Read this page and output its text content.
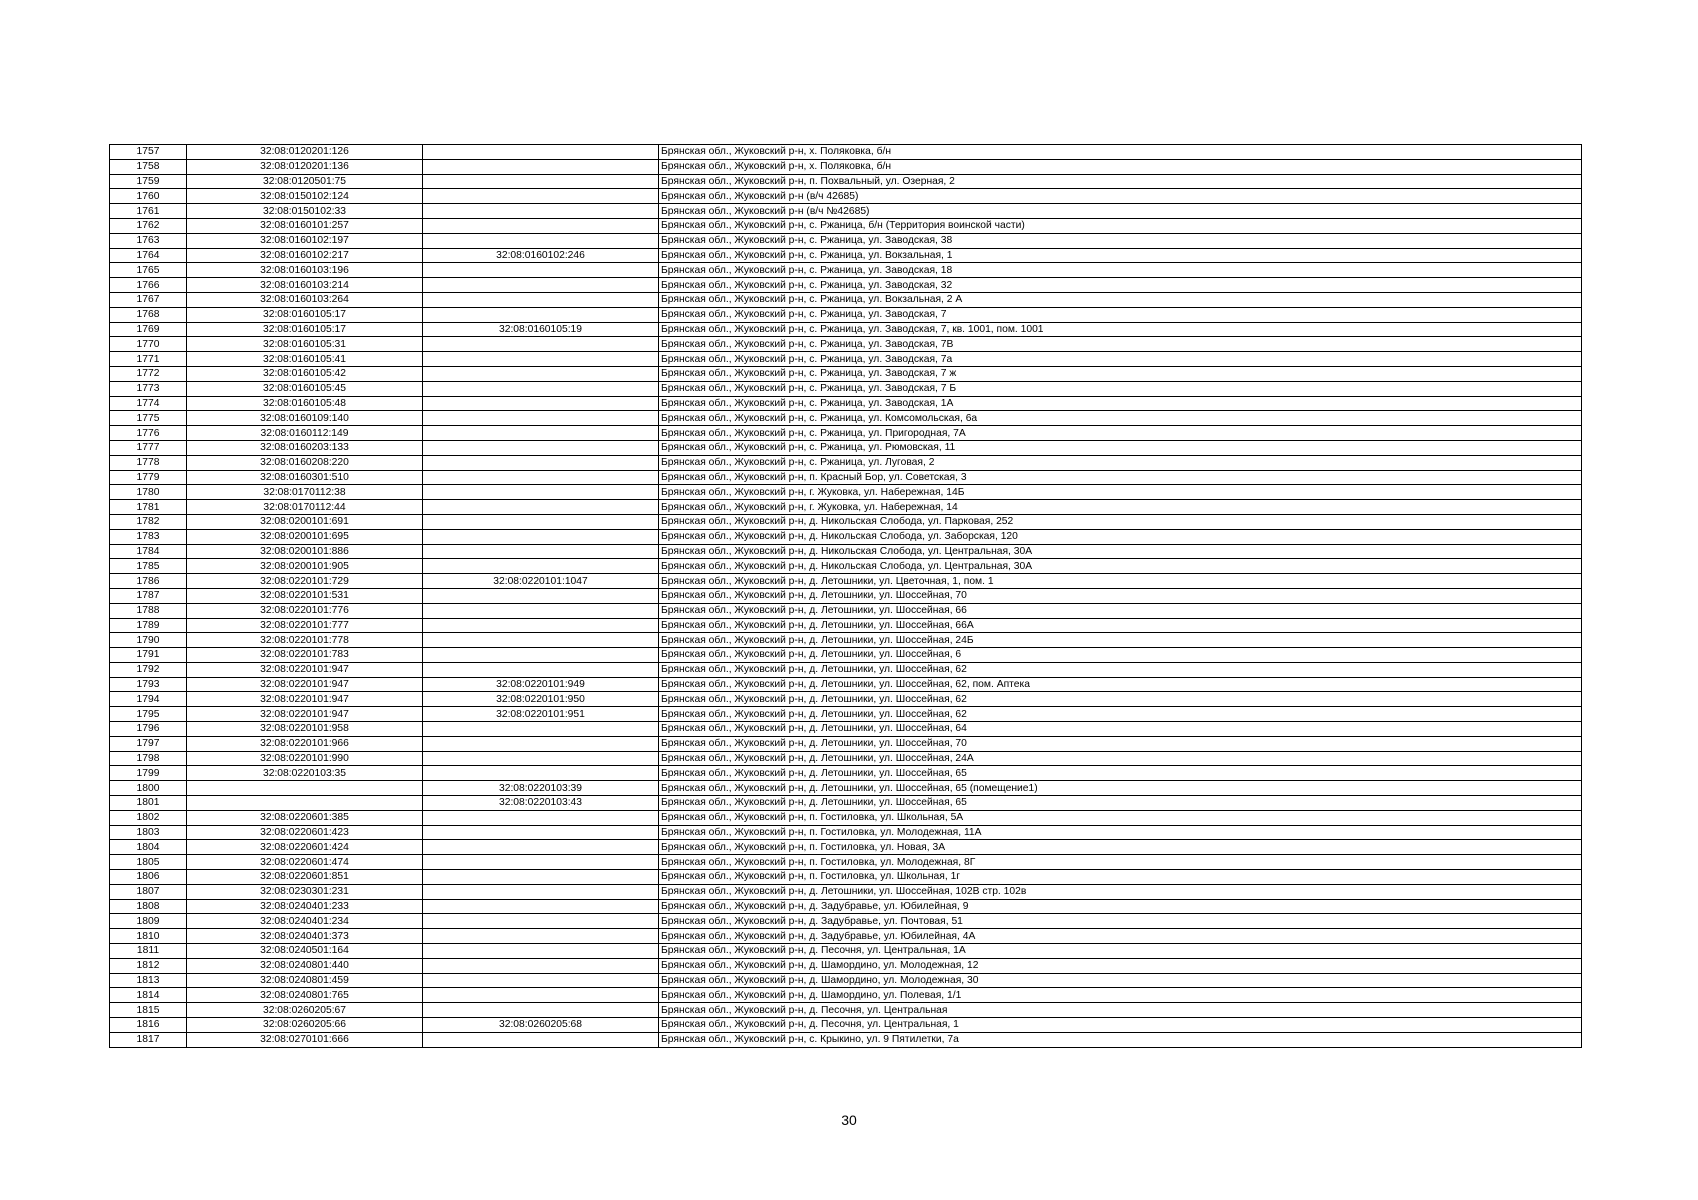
1757	32:08:0120201:126		Брянская обл., Жуковский р-н, х. Поляковка, б/н
1758	32:08:0120201:136		Брянская обл., Жуковский р-н, х. Поляковка, б/н
1759	32:08:0120501:75		Брянская обл., Жуковский р-н, п. Похвальный, ул. Озерная, 2
1760	32:08:0150102:124		Брянская обл., Жуковский р-н (в/ч 42685)
1761	32:08:0150102:33		Брянская обл., Жуковский р-н (в/ч №42685)
1762	32:08:0160101:257		Брянская обл., Жуковский р-н, с. Ржаница, б/н (Территория воинской части)
1763	32:08:0160102:197		Брянская обл., Жуковский р-н, с. Ржаница, ул. Заводская, 38
1764	32:08:0160102:217	32:08:0160102:246	Брянская обл., Жуковский р-н, с. Ржаница, ул. Вокзальная, 1
1765	32:08:0160103:196		Брянская обл., Жуковский р-н, с. Ржаница, ул. Заводская, 18
1766	32:08:0160103:214		Брянская обл., Жуковский р-н, с. Ржаница, ул. Заводская, 32
1767	32:08:0160103:264		Брянская обл., Жуковский р-н, с. Ржаница, ул. Вокзальная, 2 А
1768	32:08:0160105:17		Брянская обл., Жуковский р-н, с. Ржаница, ул. Заводская, 7
1769	32:08:0160105:17	32:08:0160105:19	Брянская обл., Жуковский р-н, с. Ржаница, ул. Заводская, 7, кв. 1001, пом. 1001
1770	32:08:0160105:31		Брянская обл., Жуковский р-н, с. Ржаница, ул. Заводская, 7В
1771	32:08:0160105:41		Брянская обл., Жуковский р-н, с. Ржаница, ул. Заводская, 7а
1772	32:08:0160105:42		Брянская обл., Жуковский р-н, с. Ржаница, ул. Заводская, 7 ж
1773	32:08:0160105:45		Брянская обл., Жуковский р-н, с. Ржаница, ул. Заводская, 7 Б
1774	32:08:0160105:48		Брянская обл., Жуковский р-н, с. Ржаница, ул. Заводская, 1А
1775	32:08:0160109:140		Брянская обл., Жуковский р-н, с. Ржаница, ул. Комсомольская, 6а
1776	32:08:0160112:149		Брянская обл., Жуковский р-н, с. Ржаница, ул. Пригородная, 7А
1777	32:08:0160203:133		Брянская обл., Жуковский р-н, с. Ржаница, ул. Рюмовская, 11
1778	32:08:0160208:220		Брянская обл., Жуковский р-н, с. Ржаница, ул. Луговая, 2
1779	32:08:0160301:510		Брянская обл., Жуковский р-н, п. Красный Бор, ул. Советская, 3
1780	32:08:0170112:38		Брянская обл., Жуковский р-н, г. Жуковка, ул. Набережная, 14Б
1781	32:08:0170112:44		Брянская обл., Жуковский р-н, г. Жуковка, ул. Набережная, 14
1782	32:08:0200101:691		Брянская обл., Жуковский р-н, д. Никольская Слобода, ул. Парковая, 252
1783	32:08:0200101:695		Брянская обл., Жуковский р-н, д. Никольская Слобода, ул. Заборская, 120
1784	32:08:0200101:886		Брянская обл., Жуковский р-н, д. Никольская Слобода, ул. Центральная, 30А
1785	32:08:0200101:905		Брянская обл., Жуковский р-н, д. Никольская Слобода, ул. Центральная, 30А
1786	32:08:0220101:729	32:08:0220101:1047	Брянская обл., Жуковский р-н, д. Летошники, ул. Цветочная, 1, пом. 1
1787	32:08:0220101:531		Брянская обл., Жуковский р-н, д. Летошники, ул. Шоссейная, 70
1788	32:08:0220101:776		Брянская обл., Жуковский р-н, д. Летошники, ул. Шоссейная, 66
1789	32:08:0220101:777		Брянская обл., Жуковский р-н, д. Летошники, ул. Шоссейная, 66А
1790	32:08:0220101:778		Брянская обл., Жуковский р-н, д. Летошники, ул. Шоссейная, 24Б
1791	32:08:0220101:783		Брянская обл., Жуковский р-н, д. Летошники, ул. Шоссейная, 6
1792	32:08:0220101:947		Брянская обл., Жуковский р-н, д. Летошники, ул. Шоссейная, 62
1793	32:08:0220101:947	32:08:0220101:949	Брянская обл., Жуковский р-н, д. Летошники, ул. Шоссейная, 62, пом. Аптека
1794	32:08:0220101:947	32:08:0220101:950	Брянская обл., Жуковский р-н, д. Летошники, ул. Шоссейная, 62
1795	32:08:0220101:947	32:08:0220101:951	Брянская обл., Жуковский р-н, д. Летошники, ул. Шоссейная, 62
1796	32:08:0220101:958		Брянская обл., Жуковский р-н, д. Летошники, ул. Шоссейная, 64
1797	32:08:0220101:966		Брянская обл., Жуковский р-н, д. Летошники, ул. Шоссейная, 70
1798	32:08:0220101:990		Брянская обл., Жуковский р-н, д. Летошники, ул. Шоссейная, 24А
1799	32:08:0220103:35		Брянская обл., Жуковский р-н, д. Летошники, ул. Шоссейная, 65
1800		32:08:0220103:39	Брянская обл., Жуковский р-н, д. Летошники, ул. Шоссейная, 65 (помещение1)
1801		32:08:0220103:43	Брянская обл., Жуковский р-н, д. Летошники, ул. Шоссейная, 65
1802	32:08:0220601:385		Брянская обл., Жуковский р-н, п. Гостиловка, ул. Школьная, 5А
1803	32:08:0220601:423		Брянская обл., Жуковский р-н, п. Гостиловка, ул. Молодежная, 11А
1804	32:08:0220601:424		Брянская обл., Жуковский р-н, п. Гостиловка, ул. Новая, 3А
1805	32:08:0220601:474		Брянская обл., Жуковский р-н, п. Гостиловка, ул. Молодежная, 8Г
1806	32:08:0220601:851		Брянская обл., Жуковский р-н, п. Гостиловка, ул. Школьная, 1г
1807	32:08:0230301:231		Брянская обл., Жуковский р-н, д. Летошники, ул. Шоссейная, 102В стр. 102в
1808	32:08:0240401:233		Брянская обл., Жуковский р-н, д. Задубравье, ул. Юбилейная, 9
1809	32:08:0240401:234		Брянская обл., Жуковский р-н, д. Задубравье, ул. Почтовая, 51
1810	32:08:0240401:373		Брянская обл., Жуковский р-н, д. Задубравье, ул. Юбилейная, 4А
1811	32:08:0240501:164		Брянская обл., Жуковский р-н, д. Песочня, ул. Центральная, 1А
1812	32:08:0240801:440		Брянская обл., Жуковский р-н, д. Шамордино, ул. Молодежная, 12
1813	32:08:0240801:459		Брянская обл., Жуковский р-н, д. Шамордино, ул. Молодежная, 30
1814	32:08:0240801:765		Брянская обл., Жуковский р-н, д. Шамордино, ул. Полевая, 1/1
1815	32:08:0260205:67		Брянская обл., Жуковский р-н, д. Песочня, ул. Центральная
1816	32:08:0260205:66	32:08:0260205:68	Брянская обл., Жуковский р-н, д. Песочня, ул. Центральная, 1
1817	32:08:0270101:666		Брянская обл., Жуковский р-н, с. Крыкино, ул. 9 Пятилетки, 7а
30
